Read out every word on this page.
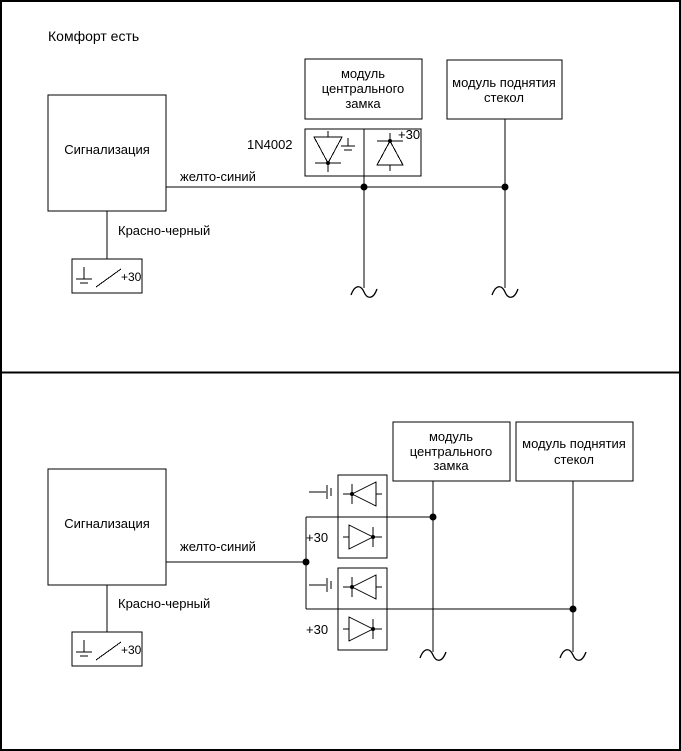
Комфорт есть
Сигнализация
модуль
центрального
замка
модуль поднятия
стекол
1N4002
+30
желто-синий
Красно-черный
+30
Сигнализация
модуль
центрального
замка
модуль поднятия
стекол
+30
+30
желто-синий
Красно-черный
+30
